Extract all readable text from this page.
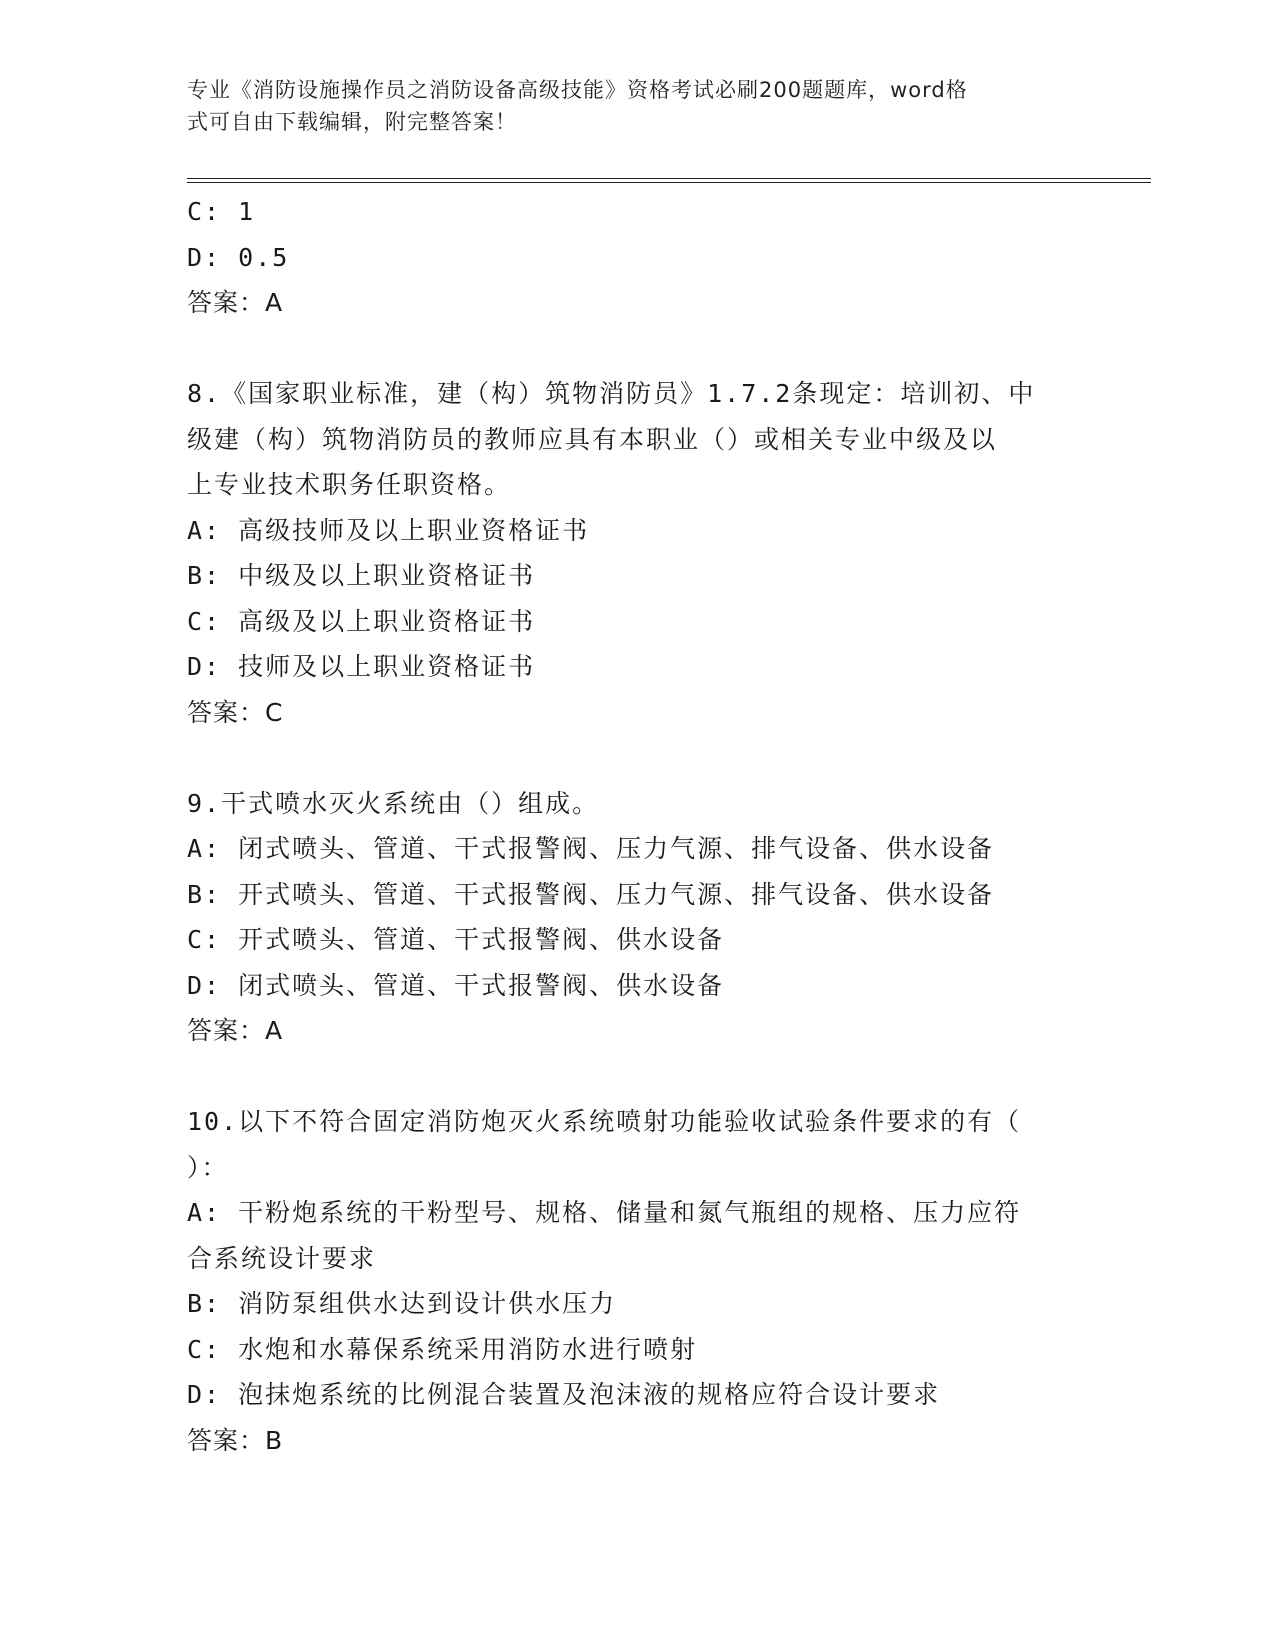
专业《消防设施操作员之消防设备高级技能》资格考试必刷200题题库，word格
式可自由下载编辑，附完整答案！
C: 1
D: 0.5
答案：A
8.《国家职业标准，建（构）筑物消防员》1.7.2条现定：培训初、中
级建（构）筑物消防员的教师应具有本职业（）或相关专业中级及以
上专业技术职务任职资格。
A: 高级技师及以上职业资格证书
B: 中级及以上职业资格证书
C: 高级及以上职业资格证书
D: 技师及以上职业资格证书
答案：C
9.干式喷水灭火系统由（）组成。
A: 闭式喷头、管道、干式报警阀、压力气源、排气设备、供水设备
B: 开式喷头、管道、干式报警阀、压力气源、排气设备、供水设备
C: 开式喷头、管道、干式报警阀、供水设备
D: 闭式喷头、管道、干式报警阀、供水设备
答案：A
10.以下不符合固定消防炮灭火系统喷射功能验收试验条件要求的有（
）：
A: 干粉炮系统的干粉型号、规格、储量和氮气瓶组的规格、压力应符
合系统设计要求
B: 消防泵组供水达到设计供水压力
C: 水炮和水幕保系统采用消防水进行喷射
D: 泡抹炮系统的比例混合装置及泡沫液的规格应符合设计要求
答案：B
